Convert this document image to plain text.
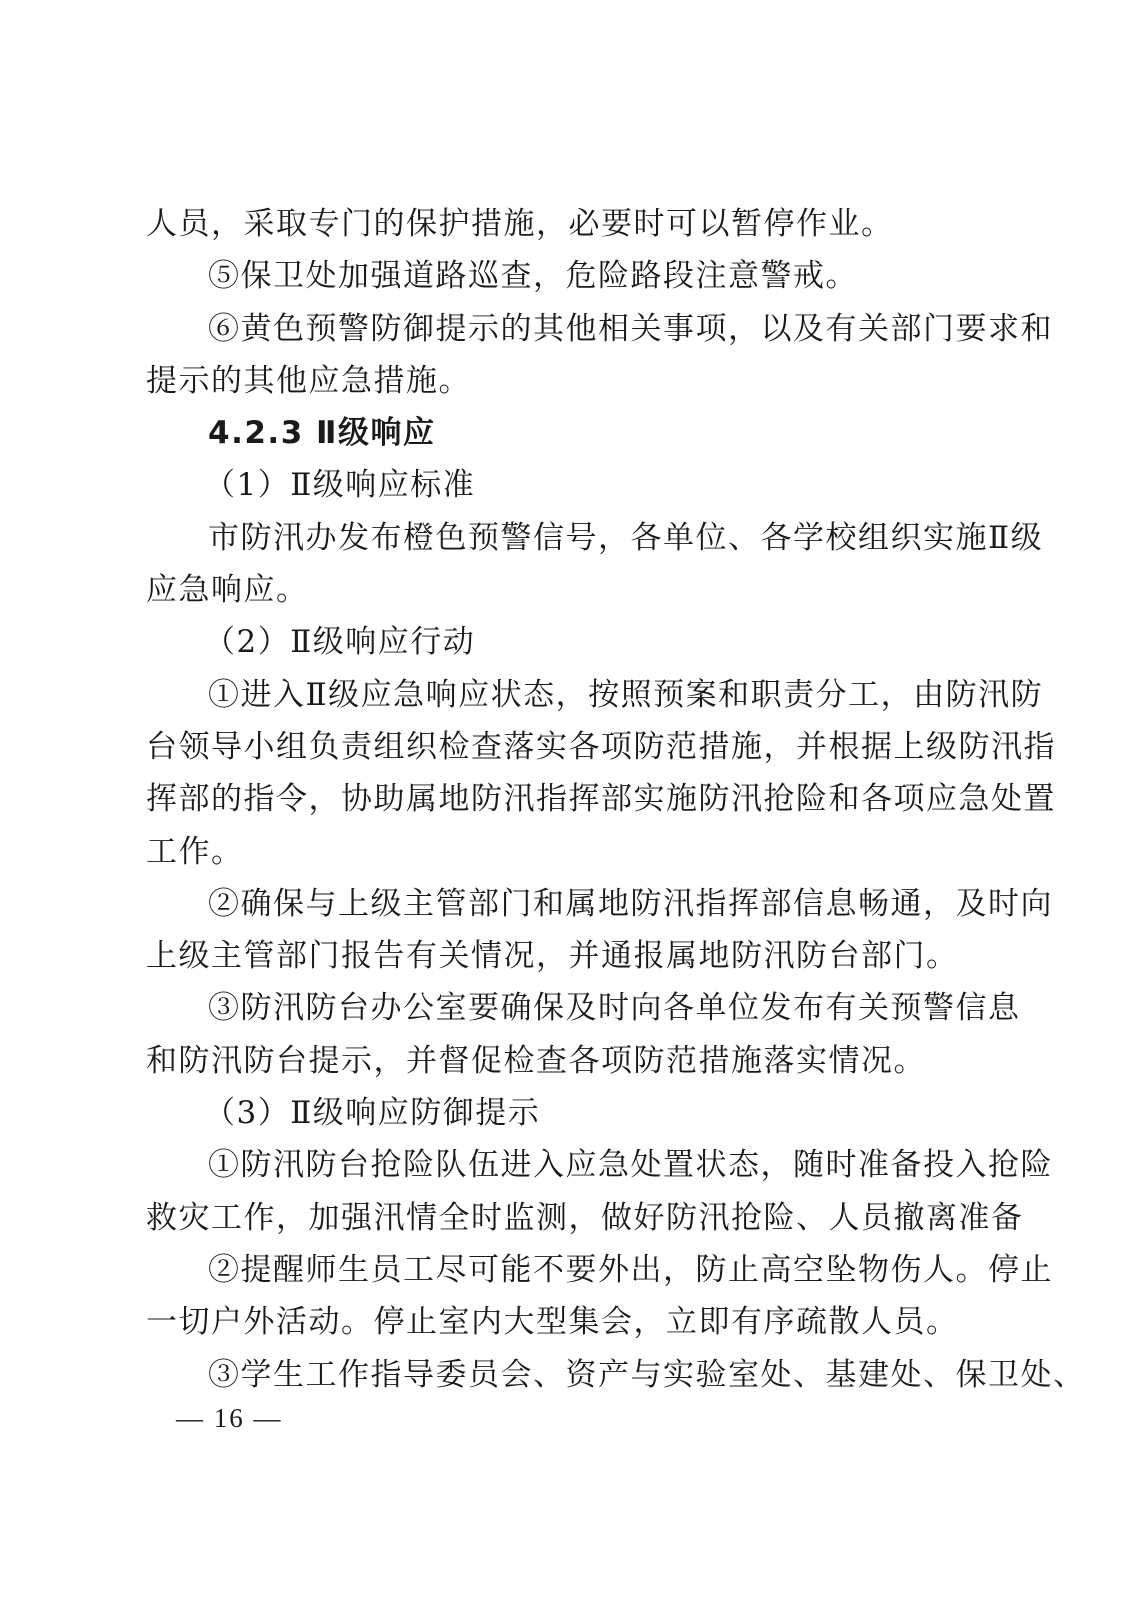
人员，采取专门的保护措施，必要时可以暂停作业。
⑤保卫处加强道路巡查，危险路段注意警戒。
⑥黄色预警防御提示的其他相关事项，以及有关部门要求和
提示的其他应急措施。
4.2.3 Ⅱ级响应
（1）Ⅱ级响应标准
市防汛办发布橙色预警信号，各单位、各学校组织实施Ⅱ级
应急响应。
（2）Ⅱ级响应行动
①进入Ⅱ级应急响应状态，按照预案和职责分工，由防汛防
台领导小组负责组织检查落实各项防范措施，并根据上级防汛指
挥部的指令，协助属地防汛指挥部实施防汛抢险和各项应急处置
工作。
②确保与上级主管部门和属地防汛指挥部信息畅通，及时向
上级主管部门报告有关情况，并通报属地防汛防台部门。
③防汛防台办公室要确保及时向各单位发布有关预警信息
和防汛防台提示，并督促检查各项防范措施落实情况。
（3）Ⅱ级响应防御提示
①防汛防台抢险队伍进入应急处置状态，随时准备投入抢险
救灾工作，加强汛情全时监测，做好防汛抢险、人员撤离准备
②提醒师生员工尽可能不要外出，防止高空坠物伤人。停止
一切户外活动。停止室内大型集会，立即有序疏散人员。
③学生工作指导委员会、资产与实验室处、基建处、保卫处、
— 16 —
